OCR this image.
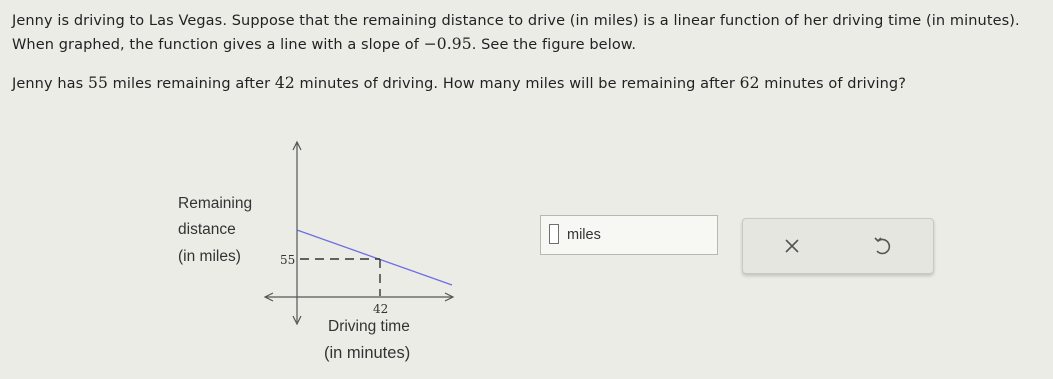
Jenny is driving to Las Vegas. Suppose that the remaining distance to drive (in miles) is a linear function of her driving time (in minutes). When graphed, the function gives a line with a slope of −0.95. See the figure below.

Jenny has 55 miles remaining after 42 minutes of driving. How many miles will be remaining after 62 minutes of driving?

Remaining
distance
(in miles)	55
42
Driving time
(in minutes)
miles
